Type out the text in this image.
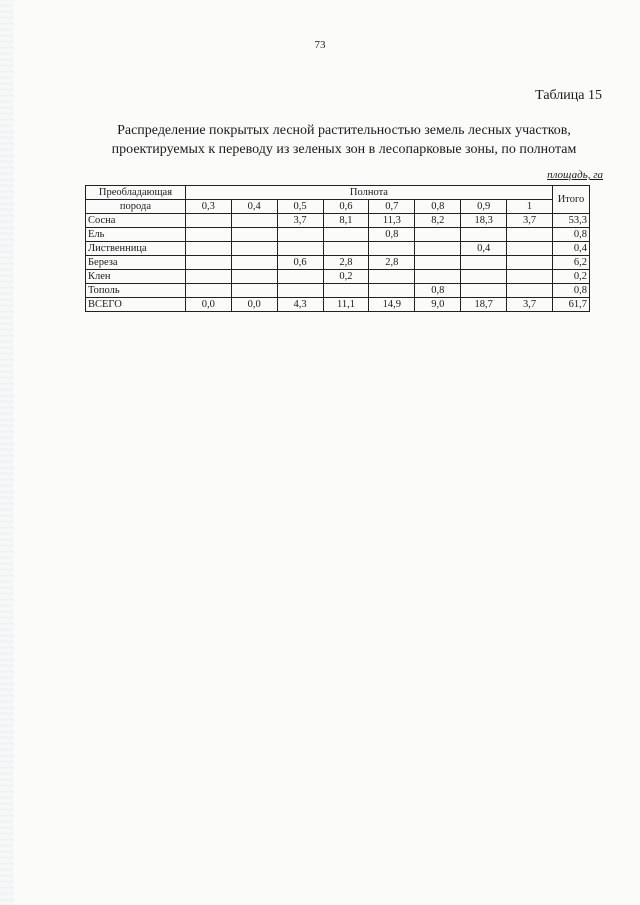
73
Таблица 15
Распределение покрытых лесной растительностью земель лесных участков,
проектируемых к переводу из зеленых зон в лесопарковые зоны, по полнотам
площадь, га
Преобладающая	Полнота								Итого
порода	0,3	0,4	0,5	0,6	0,7	0,8	0,9	1	
Сосна			3,7	8,1	11,3	8,2	18,3	3,7	53,3
Ель					0,8				0,8
Лиственница							0,4		0,4
Береза			0,6	2,8	2,8				6,2
Клен				0,2					0,2
Тополь						0,8			0,8
ВСЕГО	0,0	0,0	4,3	11,1	14,9	9,0	18,7	3,7	61,7
